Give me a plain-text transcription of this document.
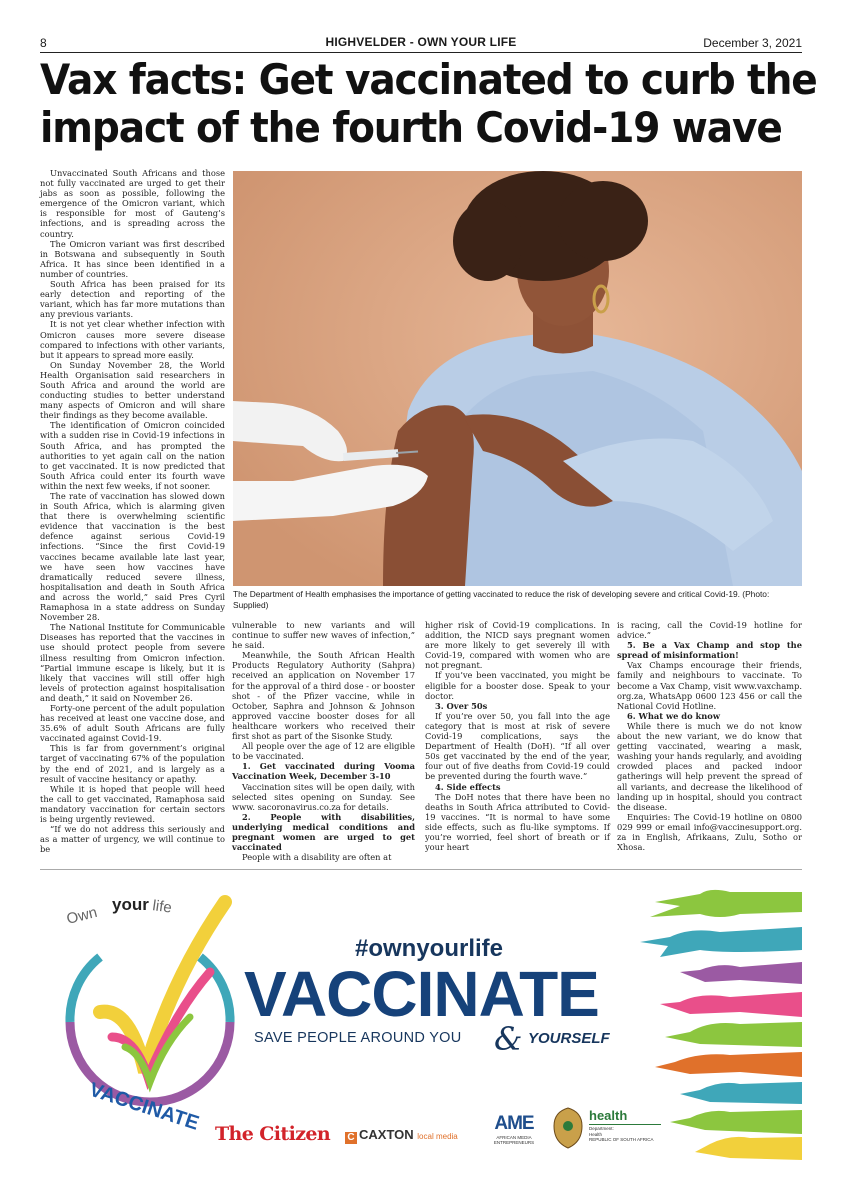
8	HIGHVELDER - OWN YOUR LIFE	December 3, 2021
Vax facts: Get vaccinated to curb the
impact of the fourth Covid-19 wave

Unvaccinated South Africans and those not fully vaccinated are urged to get their jabs as soon as possible, following the emergence of the Omicron variant, which is responsible for most of Gauteng’s infections, and is spreading across the country.

The Omicron variant was first described in Botswana and subsequently in South Africa. It has since been identified in a number of countries.

South Africa has been praised for its early detection and reporting of the variant, which has far more mutations than any previous variants.

It is not yet clear whether infection with Omicron causes more severe disease compared to infections with other variants, but it appears to spread more easily.

On Sunday November 28, the World Health Organisation said researchers in South Africa and around the world are conducting studies to better understand many aspects of Omicron and will share their findings as they become available.

The identification of Omicron coincided with a sudden rise in Covid-19 infections in South Africa, and has prompted the authorities to yet again call on the nation to get vaccinated. It is now predicted that South Africa could enter its fourth wave within the next few weeks, if not sooner.

The rate of vaccination has slowed down in South Africa, which is alarming given that there is overwhelming scientific evidence that vaccination is the best defence against serious Covid-19 infections. “Since the first Covid-19 vaccines became available late last year, we have seen how vaccines have dramatically reduced severe illness, hospitalisation and death in South Africa and across the world,” said Pres Cyril Ramaphosa in a state address on Sunday November 28.

The National Institute for Communicable Diseases has reported that the vaccines in use should protect people from severe illness resulting from Omicron infection. “Partial immune escape is likely, but it is likely that vaccines will still offer high levels of protection against hospitalisation and death,” it said on November 26.

Forty-one percent of the adult population has received at least one vaccine dose, and 35.6% of adult South Africans are fully vaccinated against Covid-19.

This is far from government’s original target of vaccinating 67% of the population by the end of 2021, and is largely as a result of vaccine hesitancy or apathy.

While it is hoped that people will heed the call to get vaccinated, Ramaphosa said mandatory vaccination for certain sectors is being urgently reviewed.

“If we do not address this seriously and as a matter of urgency, we will continue to be

The Department of Health emphasises the importance of getting vaccinated to reduce the risk of developing severe and critical Covid-19. (Photo: Supplied)

vulnerable to new variants and will continue to suffer new waves of infection,” he said.

Meanwhile, the South African Health Products Regulatory Authority (Sahpra) received an application on November 17 for the approval of a third dose - or booster shot - of the Pfizer vaccine, while in October, Saphra and Johnson & Johnson approved vaccine booster doses for all healthcare workers who received their first shot as part of the Sisonke Study.

All people over the age of 12 are eligible to be vaccinated.

1. Get vaccinated during Vooma Vaccination Week, December 3-10

Vaccination sites will be open daily, with selected sites opening on Sunday. See www. sacoronavirus.co.za for details.

2. People with disabilities, underlying medical conditions and pregnant women are urged to get vaccinated

People with a disability are often at

higher risk of Covid-19 complications. In addition, the NICD says pregnant women are more likely to get severely ill with Covid-19, compared with women who are not pregnant.

If you’ve been vaccinated, you might be eligible for a booster dose. Speak to your doctor.

3. Over 50s

If you’re over 50, you fall into the age category that is most at risk of severe Covid-19 complications, says the Department of Health (DoH). “If all over 50s get vaccinated by the end of the year, four out of five deaths from Covid-19 could be prevented during the fourth wave.”

4. Side effects

The DoH notes that there have been no deaths in South Africa attributed to Covid-19 vaccines. “It is normal to have some side effects, such as flu-like symptoms. If you’re worried, feel short of breath or if your heart

is racing, call the Covid-19 hotline for advice.”

5. Be a Vax Champ and stop the spread of misinformation!

Vax Champs encourage their friends, family and neighbours to vaccinate. To become a Vax Champ, visit www.vaxchamp. org.za, WhatsApp 0600 123 456 or call the National Covid Hotline.

6. What we do know

While there is much we do not know about the new variant, we do know that getting vaccinated, wearing a mask, washing your hands regularly, and avoiding crowded places and packed indoor gatherings will help prevent the spread of all variants, and decrease the likelihood of landing up in hospital, should you contract the disease.

Enquiries: The Covid-19 hotline on 0800 029 999 or email info@vaccinesupport.org. za in English, Afrikaans, Zulu, Sotho or Xhosa.

Own your life
VACCINATE
#ownyourlife
VACCINATE
SAVE PEOPLE AROUND YOU & YOURSELF
The Citizen C CAXTON local media
AME
AFRICAN MEDIA ENTREPRENEURS
health
Department:
Health
REPUBLIC OF SOUTH AFRICA
